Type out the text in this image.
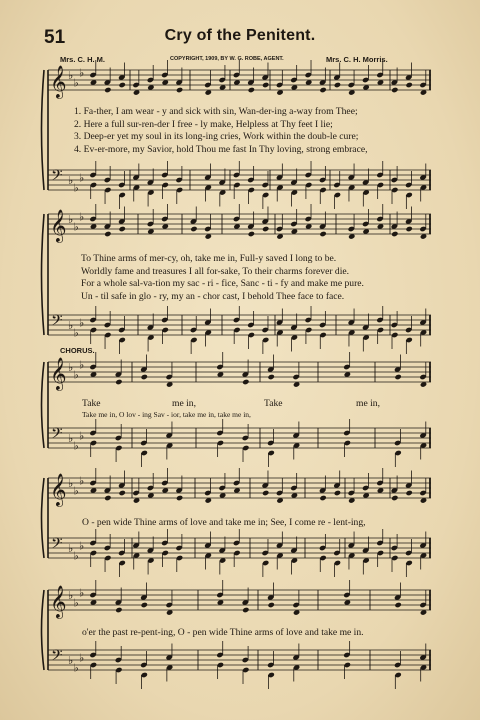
51	Cry of the Penitent.
Mrs. C. H. M.	COPYRIGHT, 1909, BY W. G. ROBE, AGENT.	Mrs. C. H. Morris.
𝄞
𝄢
♭
♭
♭
♭
♭
♭
𝄞
𝄢
♭
♭
♭
♭
♭
♭
𝄞
𝄢
♭
♭
♭
♭
♭
♭
𝄞
𝄢
♭
♭
♭
♭
♭
♭
𝄞
𝄢
♭
♭
♭
♭
♭
♭
1. Fa-ther, I am wear - y and sick with sin, Wan-der-ing a-way from Thee;
2. Here a full sur-ren-der I free - ly make, Helpless at Thy feet I lie;
3. Deep-er yet my soul in its long-ing cries, Work within the doub-le cure;
4. Ev-er-more, my Savior, hold Thou me fast In Thy loving, strong embrace,
To Thine arms of mer-cy, oh, take me in, Full-y saved I long to be.
Worldly fame and treasures I all for-sake, To their charms forever die.
For a whole sal-va-tion my sac - ri - fice, Sanc - ti - fy and make me pure.
Un - til safe in glo - ry, my an - chor cast, I behold Thee face to face.
CHORUS.
Take	me in,	Take	me in,
Take me in, O lov - ing Sav - ior, take me in, take me in,
O - pen wide Thine arms of love and take me in; See, I come re - lent-ing,
o'er the past re-pent-ing, O - pen wide Thine arms of love and take me in.
